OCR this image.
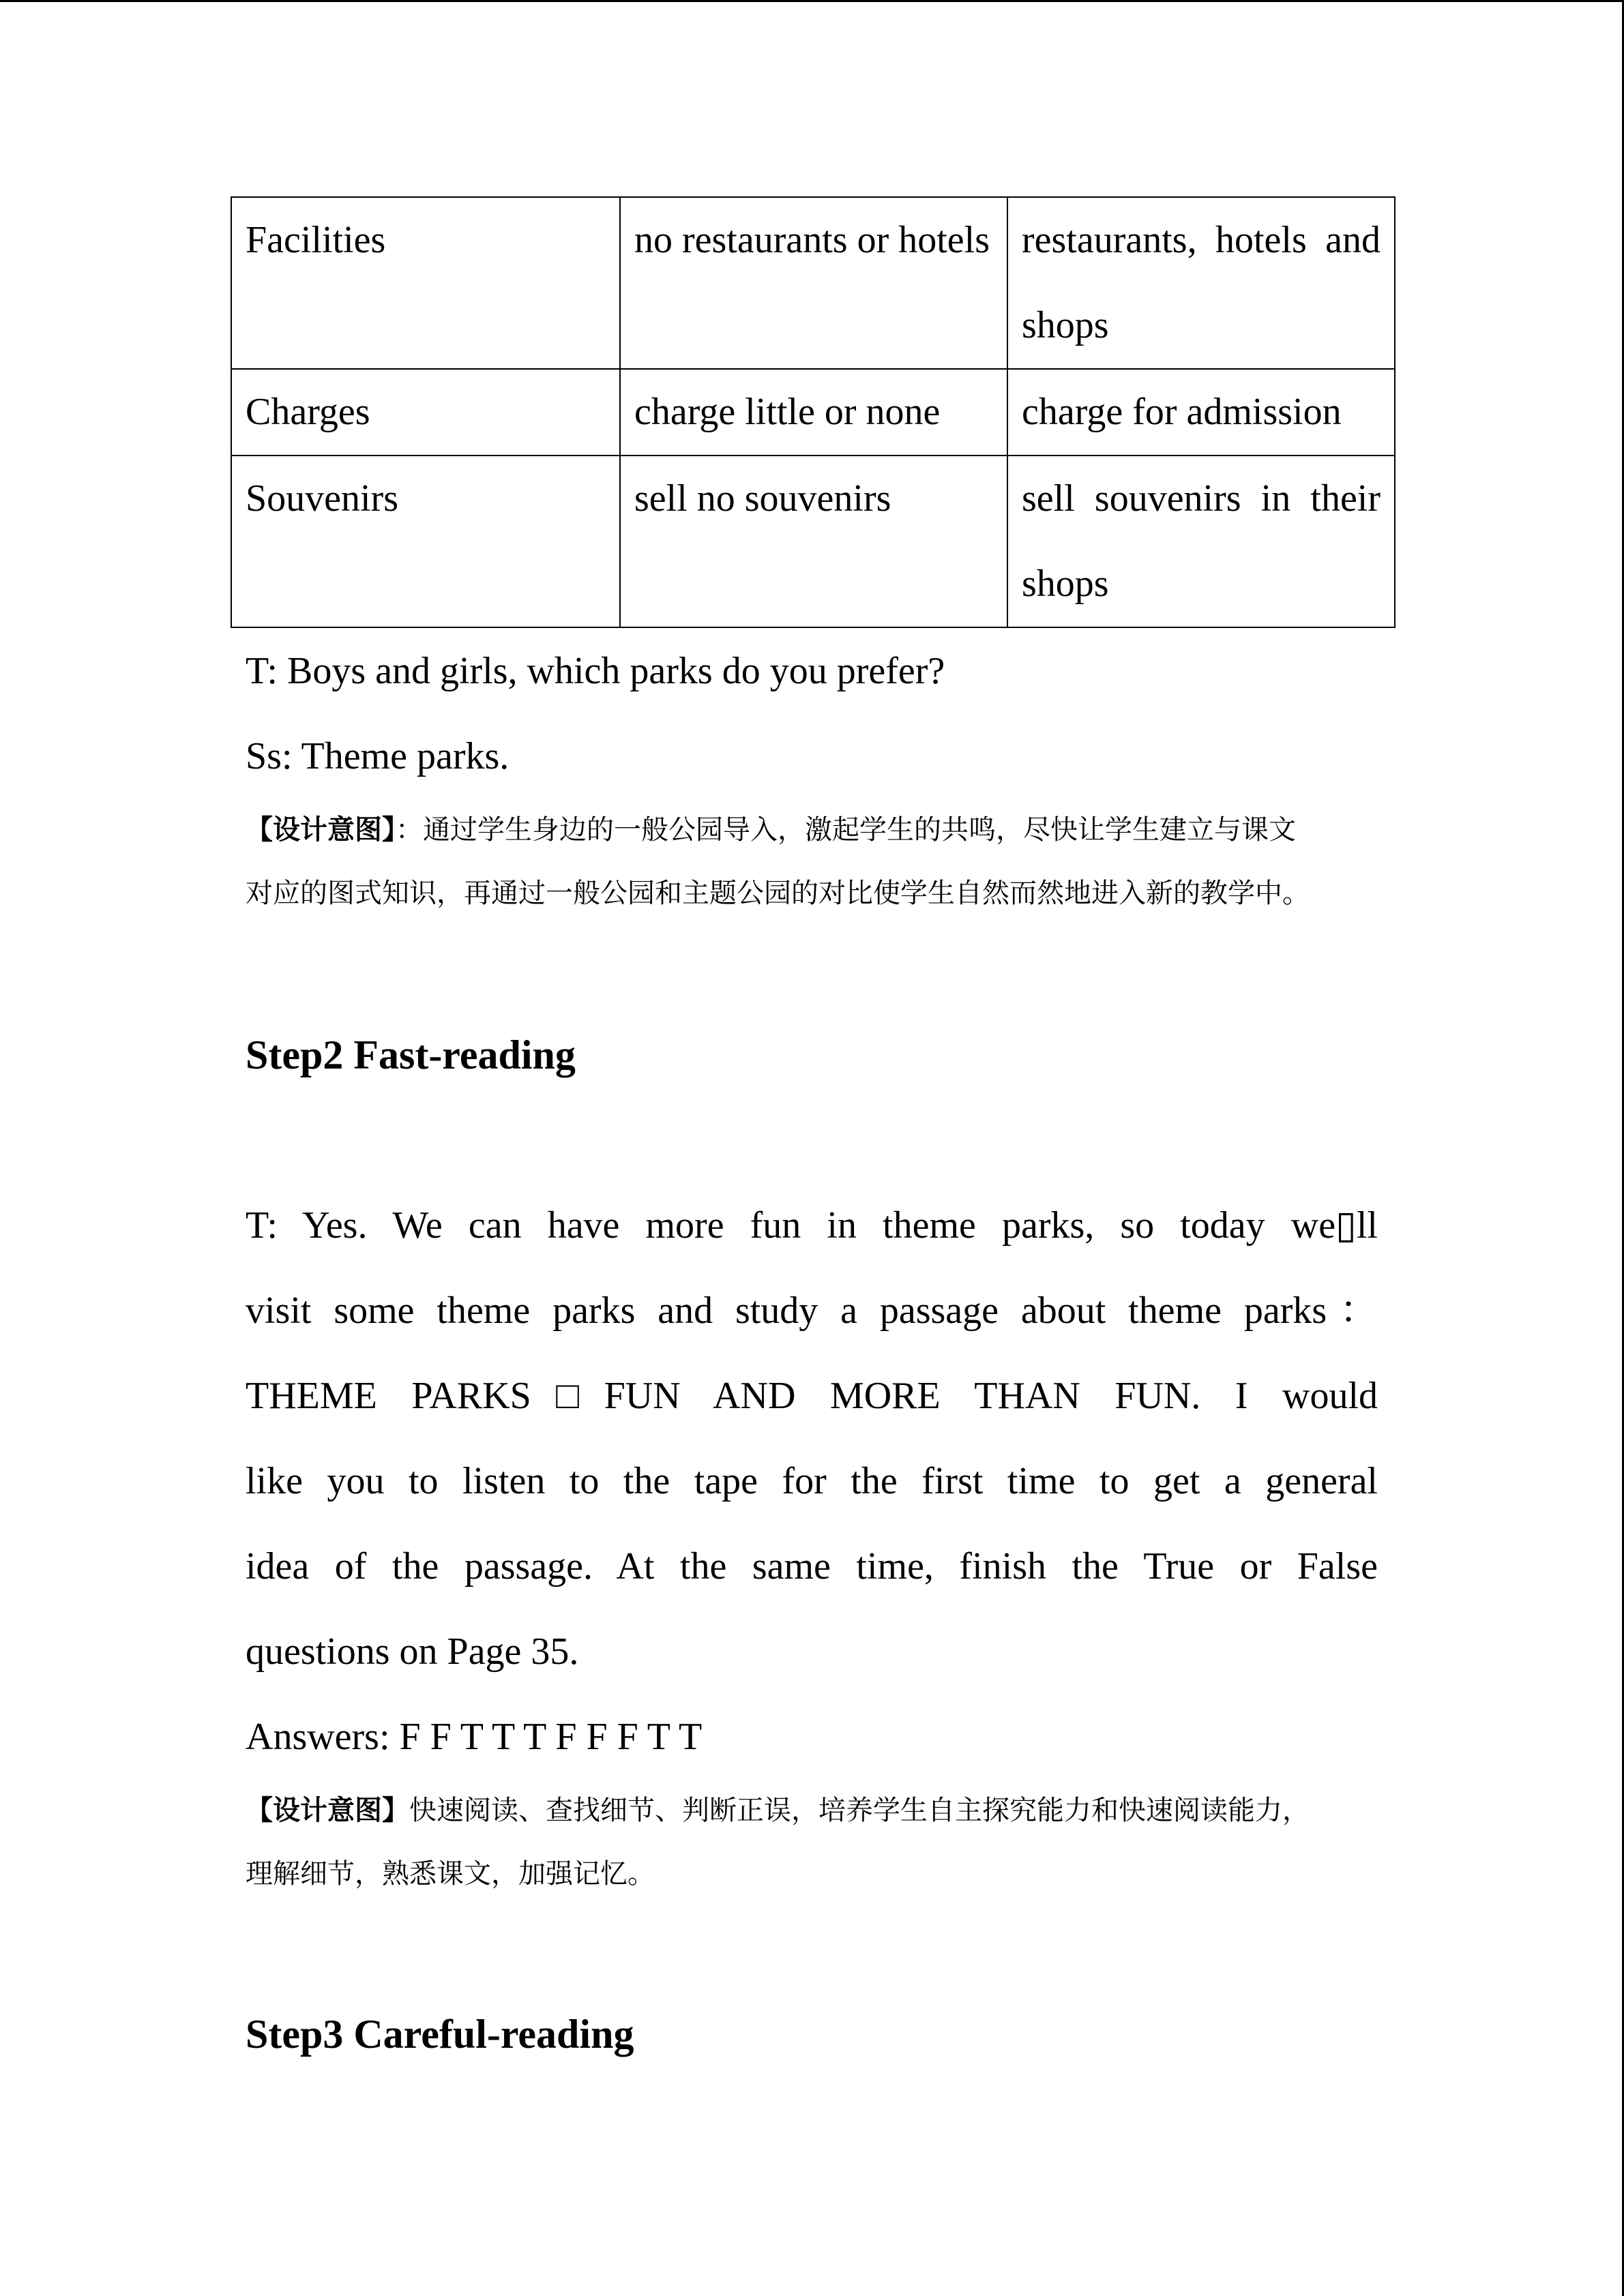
Facilities	no restaurants or hotels	restaurants, hotels and shops
Charges	charge little or none	charge for admission
Souvenirs	sell no souvenirs	sell souvenirs in their shops
T: Boys and girls, which parks do you prefer?
Ss: Theme parks.
【设计意图】：通过学生身边的一般公园导入，激起学生的共鸣，尽快让学生建立与课文
对应的图式知识，再通过一般公园和主题公园的对比使学生自然而然地进入新的教学中。
Step2 Fast-reading
T: Yes. We can have more fun in theme parks, so today we▯ll
visit some theme parks and study a passage about theme parks：
THEME PARKS□FUN AND MORE THAN FUN. I would
like you to listen to the tape for the first time to get a general
idea of the passage. At the same time, finish the True or False
questions on Page 35.
Answers: F F T T T F F F T T
【设计意图】快速阅读、查找细节、判断正误，培养学生自主探究能力和快速阅读能力，
理解细节，熟悉课文，加强记忆。
Step3 Careful-reading
